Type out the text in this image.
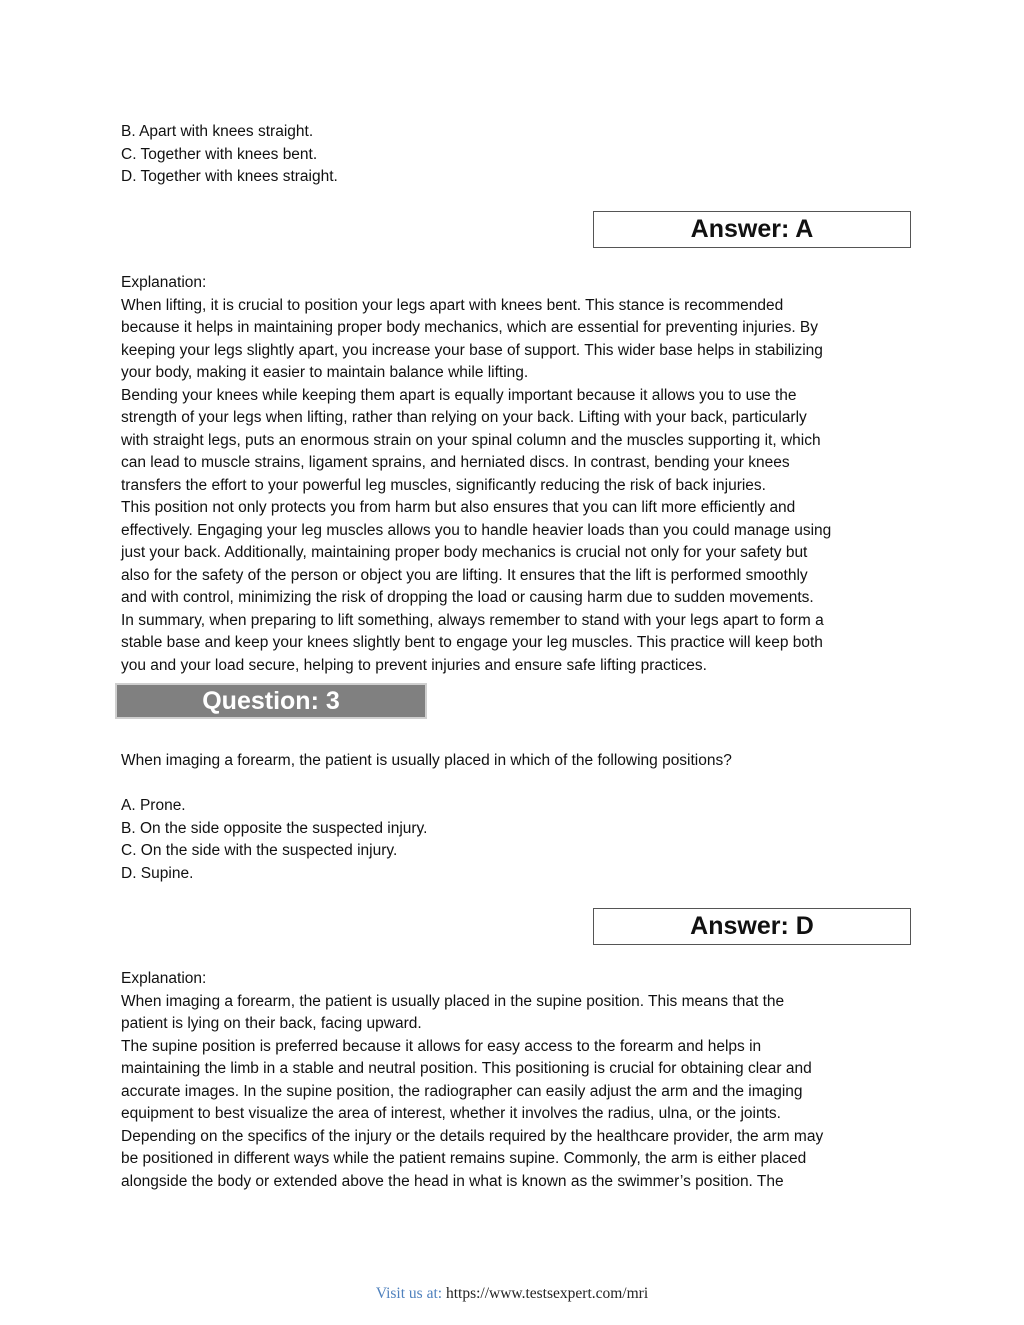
B. Apart with knees straight.
C. Together with knees bent.
D. Together with knees straight.
Answer: A
Explanation:
When lifting, it is crucial to position your legs apart with knees bent. This stance is recommended
because it helps in maintaining proper body mechanics, which are essential for preventing injuries. By
keeping your legs slightly apart, you increase your base of support. This wider base helps in stabilizing
your body, making it easier to maintain balance while lifting.
Bending your knees while keeping them apart is equally important because it allows you to use the
strength of your legs when lifting, rather than relying on your back. Lifting with your back, particularly
with straight legs, puts an enormous strain on your spinal column and the muscles supporting it, which
can lead to muscle strains, ligament sprains, and herniated discs. In contrast, bending your knees
transfers the effort to your powerful leg muscles, significantly reducing the risk of back injuries.
This position not only protects you from harm but also ensures that you can lift more efficiently and
effectively. Engaging your leg muscles allows you to handle heavier loads than you could manage using
just your back. Additionally, maintaining proper body mechanics is crucial not only for your safety but
also for the safety of the person or object you are lifting. It ensures that the lift is performed smoothly
and with control, minimizing the risk of dropping the load or causing harm due to sudden movements.
In summary, when preparing to lift something, always remember to stand with your legs apart to form a
stable base and keep your knees slightly bent to engage your leg muscles. This practice will keep both
you and your load secure, helping to prevent injuries and ensure safe lifting practices.
Question: 3
When imaging a forearm, the patient is usually placed in which of the following positions?
A. Prone.
B. On the side opposite the suspected injury.
C. On the side with the suspected injury.
D. Supine.
Answer: D
Explanation:
When imaging a forearm, the patient is usually placed in the supine position. This means that the
patient is lying on their back, facing upward.
The supine position is preferred because it allows for easy access to the forearm and helps in
maintaining the limb in a stable and neutral position. This positioning is crucial for obtaining clear and
accurate images. In the supine position, the radiographer can easily adjust the arm and the imaging
equipment to best visualize the area of interest, whether it involves the radius, ulna, or the joints.
Depending on the specifics of the injury or the details required by the healthcare provider, the arm may
be positioned in different ways while the patient remains supine. Commonly, the arm is either placed
alongside the body or extended above the head in what is known as the swimmer’s position. The
Visit us at: https://www.testsexpert.com/mri
